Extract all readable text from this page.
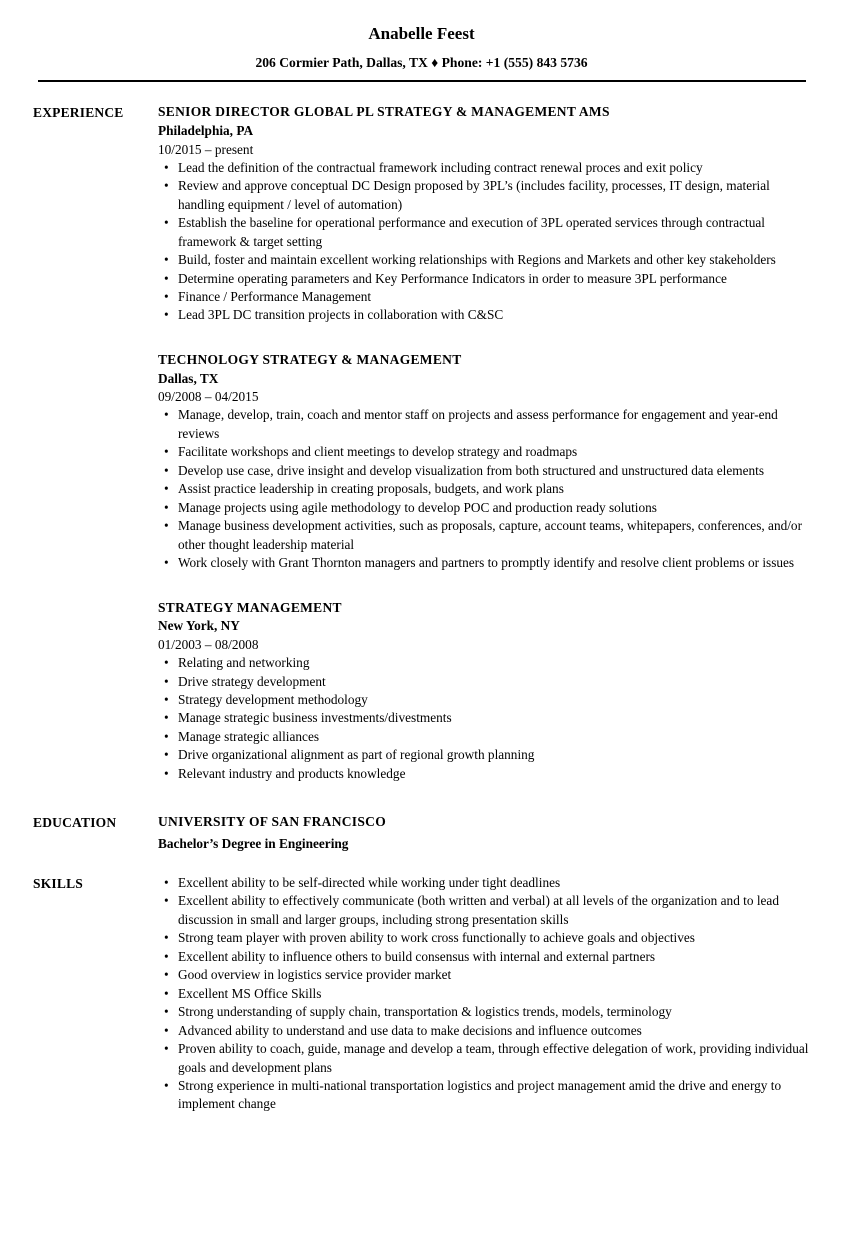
Anabelle Feest
206 Cormier Path, Dallas, TX ♦ Phone: +1 (555) 843 5736
EXPERIENCE	SENIOR DIRECTOR GLOBAL PL STRATEGY & MANAGEMENT AMS
Philadelphia, PA
10/2015 – present
• Lead the definition of the contractual framework including contract renewal proces and exit policy
• Review and approve conceptual DC Design proposed by 3PL’s (includes facility, processes, IT design, material handling equipment / level of automation)
• Establish the baseline for operational performance and execution of 3PL operated services through contractual framework & target setting
• Build, foster and maintain excellent working relationships with Regions and Markets and other key stakeholders
• Determine operating parameters and Key Performance Indicators in order to measure 3PL performance
• Finance / Performance Management
• Lead 3PL DC transition projects in collaboration with C&SC
TECHNOLOGY STRATEGY & MANAGEMENT
Dallas, TX
09/2008 – 04/2015
• Manage, develop, train, coach and mentor staff on projects and assess performance for engagement and year-end reviews
• Facilitate workshops and client meetings to develop strategy and roadmaps
• Develop use case, drive insight and develop visualization from both structured and unstructured data elements
• Assist practice leadership in creating proposals, budgets, and work plans
• Manage projects using agile methodology to develop POC and production ready solutions
• Manage business development activities, such as proposals, capture, account teams, whitepapers, conferences, and/or other thought leadership material
• Work closely with Grant Thornton managers and partners to promptly identify and resolve client problems or issues
STRATEGY MANAGEMENT
New York, NY
01/2003 – 08/2008
• Relating and networking
• Drive strategy development
• Strategy development methodology
• Manage strategic business investments/divestments
• Manage strategic alliances
• Drive organizational alignment as part of regional growth planning
• Relevant industry and products knowledge
EDUCATION	UNIVERSITY OF SAN FRANCISCO
Bachelor’s Degree in Engineering
SKILLS	• Excellent ability to be self-directed while working under tight deadlines
• Excellent ability to effectively communicate (both written and verbal) at all levels of the organization and to lead discussion in small and larger groups, including strong presentation skills
• Strong team player with proven ability to work cross functionally to achieve goals and objectives
• Excellent ability to influence others to build consensus with internal and external partners
• Good overview in logistics service provider market
• Excellent MS Office Skills
• Strong understanding of supply chain, transportation & logistics trends, models, terminology
• Advanced ability to understand and use data to make decisions and influence outcomes
• Proven ability to coach, guide, manage and develop a team, through effective delegation of work, providing individual goals and development plans
• Strong experience in multi-national transportation logistics and project management amid the drive and energy to implement change
